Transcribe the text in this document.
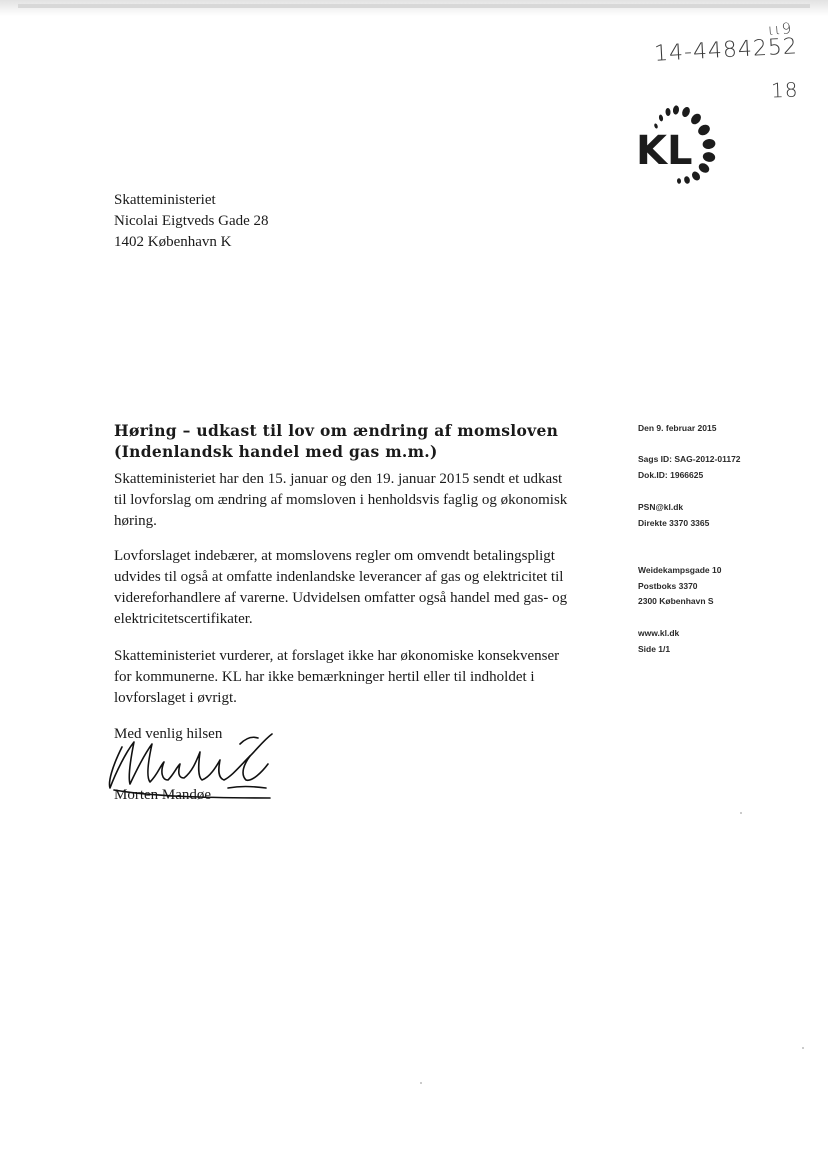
ιι9
14-4484252
18
KL
Skatteministeriet
Nicolai Eigtveds Gade 28
1402 København K
Høring – udkast til lov om ændring af momsloven
(Indenlandsk handel med gas m.m.)
Skatteministeriet har den 15. januar og den 19. januar 2015 sendt et udkast
til lovforslag om ændring af momsloven i henholdsvis faglig og økonomisk
høring.
Lovforslaget indebærer, at momslovens regler om omvendt betalingspligt
udvides til også at omfatte indenlandske leverancer af gas og elektricitet til
videreforhandlere af varerne. Udvidelsen omfatter også handel med gas- og
elektricitetscertifikater.
Skatteministeriet vurderer, at forslaget ikke har økonomiske konsekvenser
for kommunerne. KL har ikke bemærkninger hertil eller til indholdet i
lovforslaget i øvrigt.
Den 9. februar 2015
Sags ID: SAG-2012-01172
Dok.ID: 1966625
PSN@kl.dk
Direkte 3370 3365
Weidekampsgade 10
Postboks 3370
2300 København S
www.kl.dk
Side 1/1
Med venlig hilsen
Morten Mandøe
